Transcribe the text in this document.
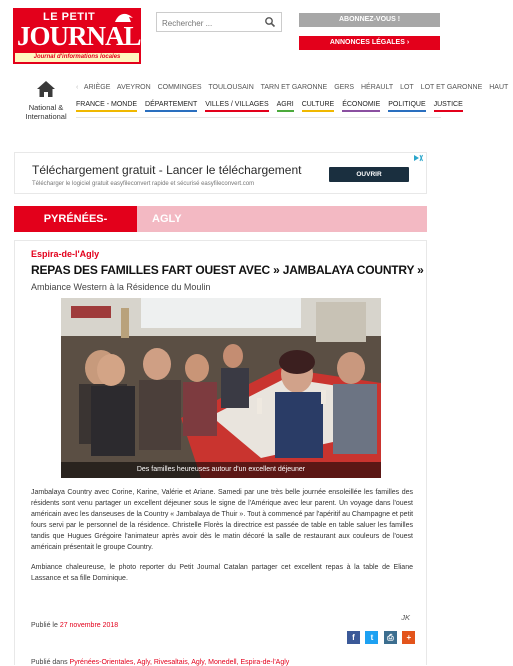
LE PETIT
JOURNAL
Journal d'informations locales
Rechercher ...
ABONNEZ-VOUS !
ANNONCES LÉGALES ›
National &
International
‹ ARIÈGE AVEYRON COMMINGES TOULOUSAIN TARN ET GARONNE GERS HÉRAULT LOT LOT ET GARONNE HAUT
FRANCE - MONDE DÉPARTEMENT VILLES / VILLAGES AGRI CULTURE ÉCONOMIE POLITIQUE JUSTICE
Téléchargement gratuit - Lancer le téléchargement
Télécharger le logiciel gratuit easyfileconvert rapide et sécurisé easyfileconvert.com
OUVRIR
PYRÉNÉES-ORIENTALES
AGLY
Espira-de-l'Agly
REPAS DES FAMILLES FART OUEST AVEC » JAMBALAYA COUNTRY »
Ambiance Western à la Résidence du Moulin
Des familles heureuses autour d'un excellent déjeuner

Jambalaya Country avec Corine, Karine, Valérie et Ariane. Samedi par une très belle journée ensoleillée les familles des résidents sont venu partager un excellent déjeuner sous le signe de l'Amérique avec leur parent. Un voyage dans l'ouest américain avec les danseuses de la Country « Jambalaya de Thuir ». Tout à commencé par l'apéritif au Champagne et petit fours servi par le personnel de la résidence. Christelle Florès la directrice est passée de table en table saluer les familles tandis que Hugues Grégoire l'animateur après avoir dès le matin décoré la salle de restaurant aux couleurs de l'ouest américain présentait le groupe Country.

Ambiance chaleureuse, le photo reporter du Petit Journal Catalan partager cet excellent repas à la table de Eliane Lassance et sa fille Dominique.

JK
Publié le 27 novembre 2018
f t ⎙ +
Publié dans Pyrénées-Orientales, Agly, Rivesaltais, Agly, Monedell, Espira-de-l'Agly
